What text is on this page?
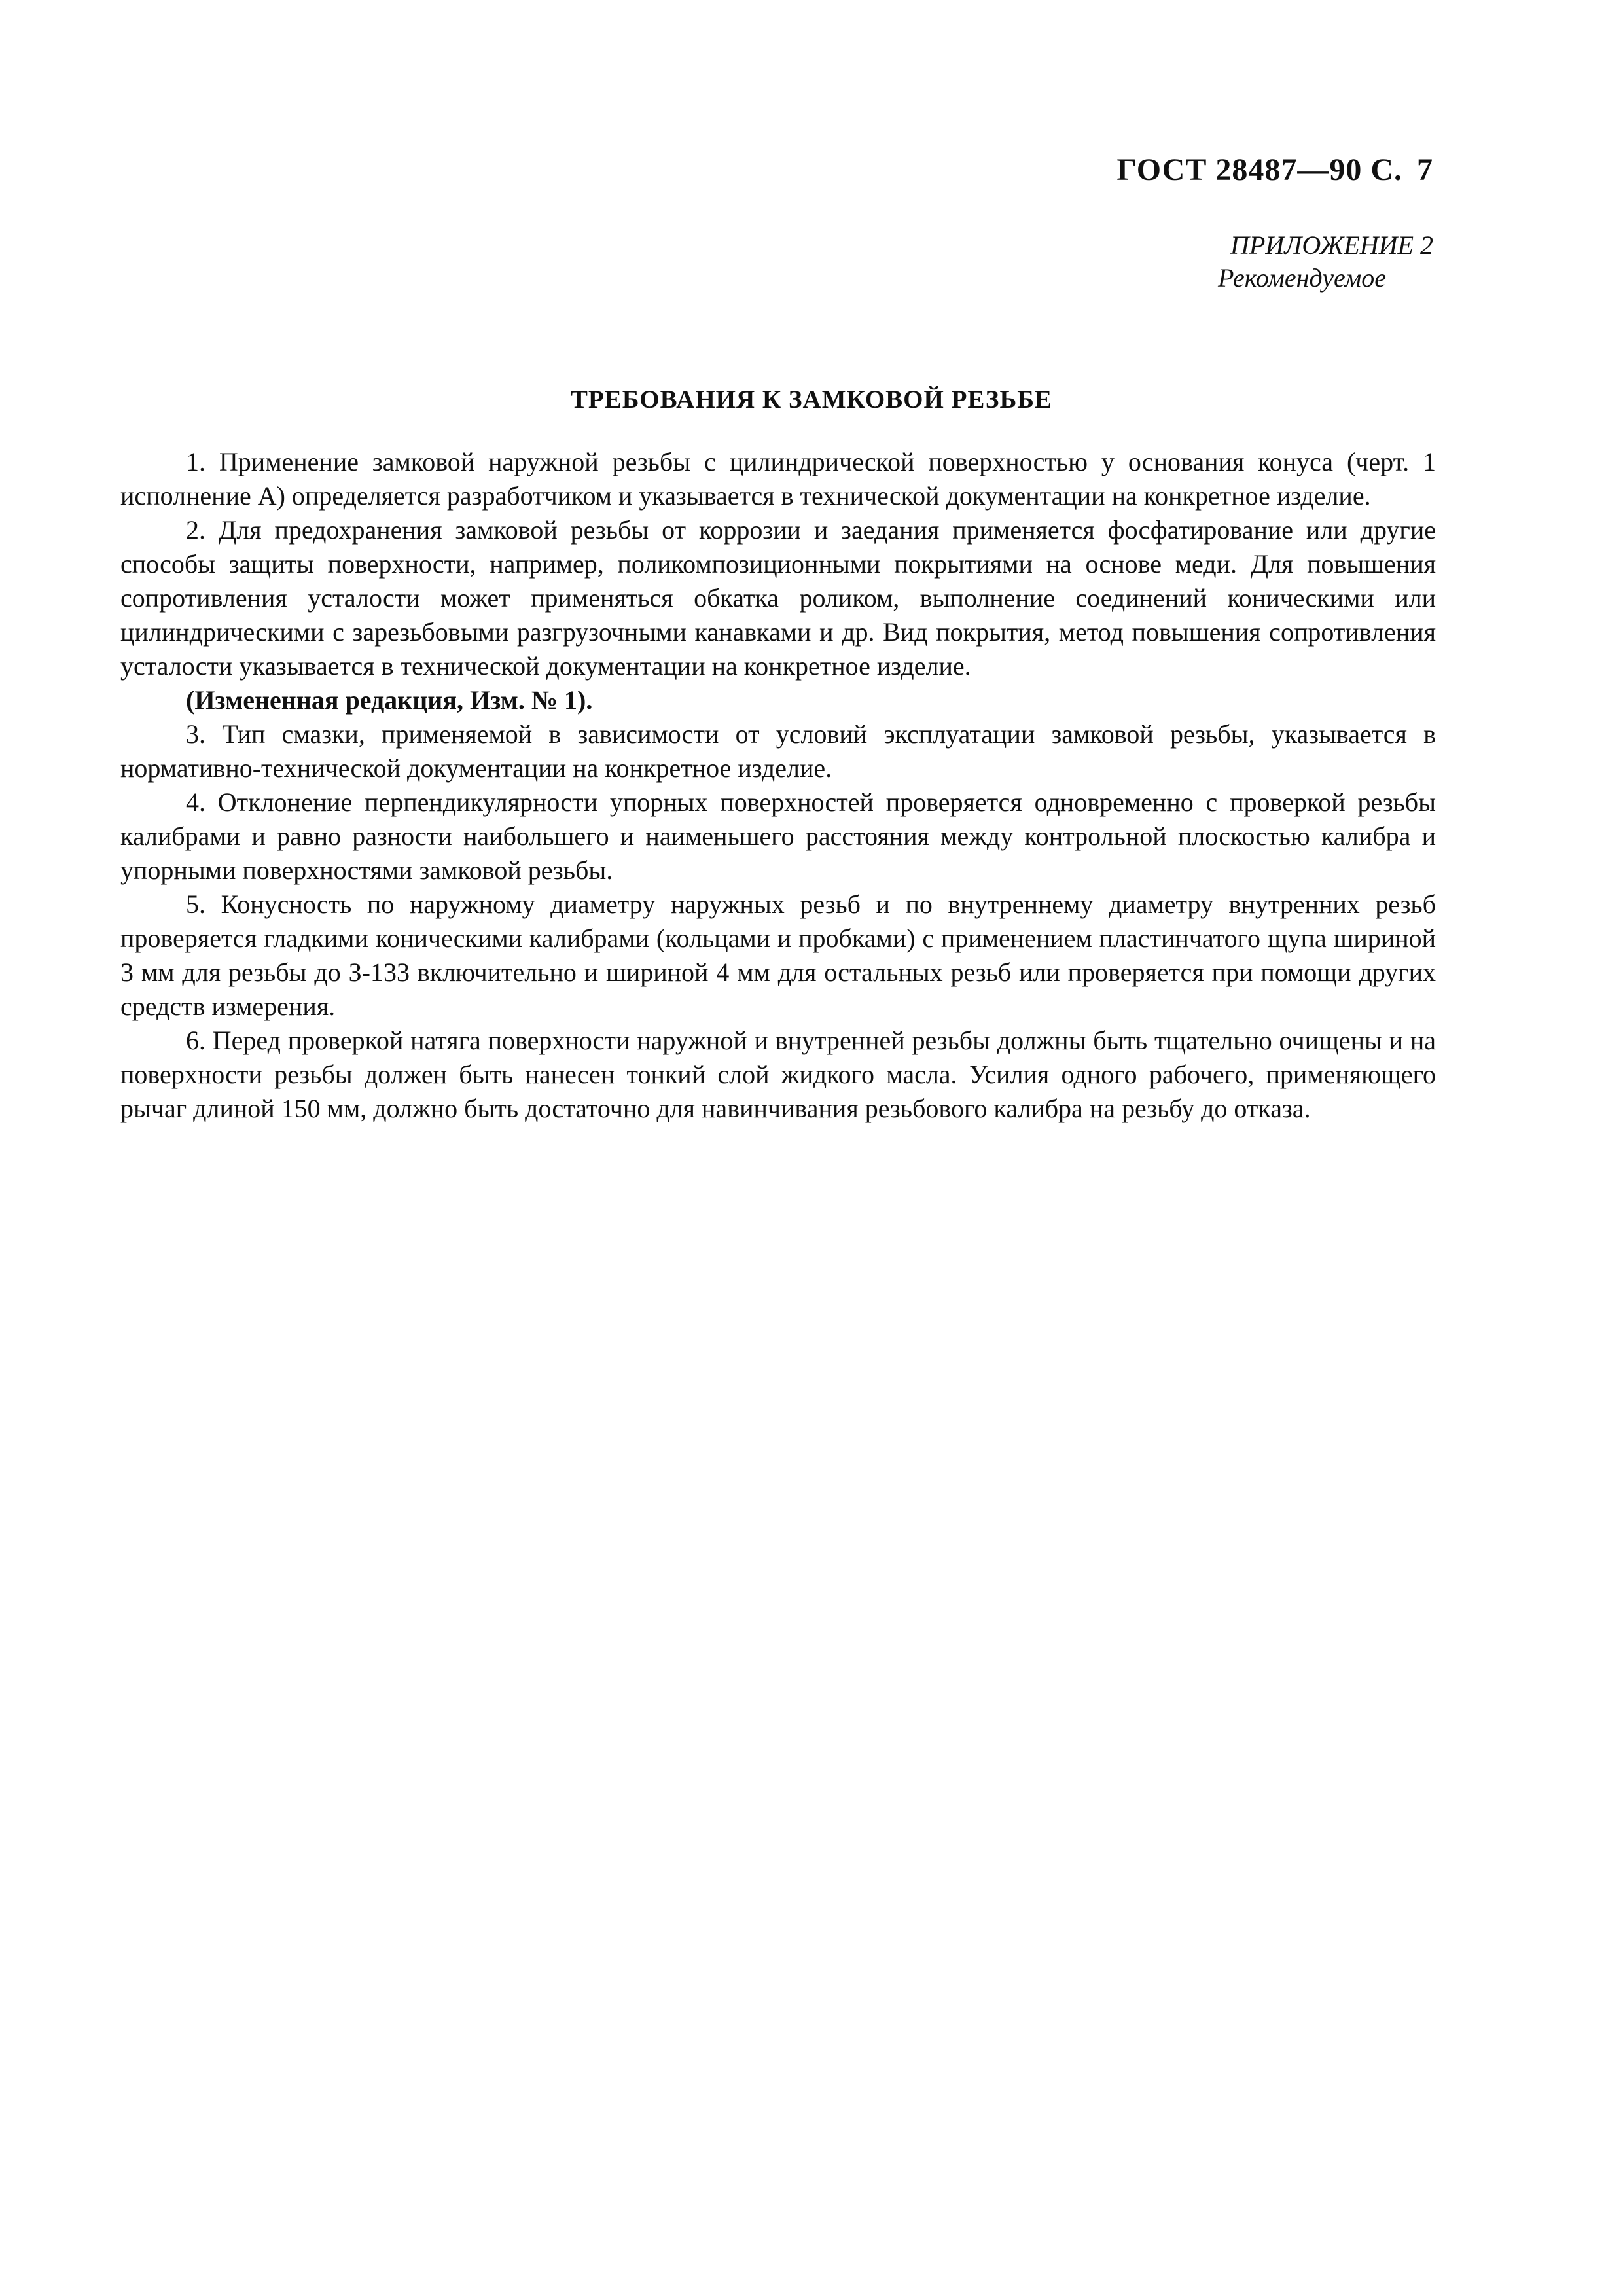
ГОСТ 28487—90 С. 7
ПРИЛОЖЕНИЕ 2

Рекомендуемое
ТРЕБОВАНИЯ К ЗАМКОВОЙ РЕЗЬБЕ

1. Применение замковой наружной резьбы с цилиндрической поверхностью у основания конуса (черт. 1 исполнение А) определяется разработчиком и указывается в технической документации на конкретное изделие.

2. Для предохранения замковой резьбы от коррозии и заедания применяется фосфатирование или другие способы защиты поверхности, например, поликомпозиционными покрытиями на основе меди. Для повышения сопротивления усталости может применяться обкатка роликом, выполнение соединений коническими или цилиндрическими с зарезьбовыми разгрузочными канавками и др. Вид покрытия, метод повышения сопротивления усталости указывается в технической документации на конкретное изделие.

(Измененная редакция, Изм. № 1).

3. Тип смазки, применяемой в зависимости от условий эксплуатации замковой резьбы, указывается в нормативно-технической документации на конкретное изделие.

4. Отклонение перпендикулярности упорных поверхностей проверяется одновременно с проверкой резьбы калибрами и равно разности наибольшего и наименьшего расстояния между контрольной плоскостью калибра и упорными поверхностями замковой резьбы.

5. Конусность по наружному диаметру наружных резьб и по внутреннему диаметру внутренних резьб проверяется гладкими коническими калибрами (кольцами и пробками) с применением пластинчатого щупа шириной 3 мм для резьбы до З-133 включительно и шириной 4 мм для остальных резьб или проверяется при помощи других средств измерения.

6. Перед проверкой натяга поверхности наружной и внутренней резьбы должны быть тщательно очищены и на поверхности резьбы должен быть нанесен тонкий слой жидкого масла. Усилия одного рабочего, применяющего рычаг длиной 150 мм, должно быть достаточно для навинчивания резьбового калибра на резьбу до отказа.
